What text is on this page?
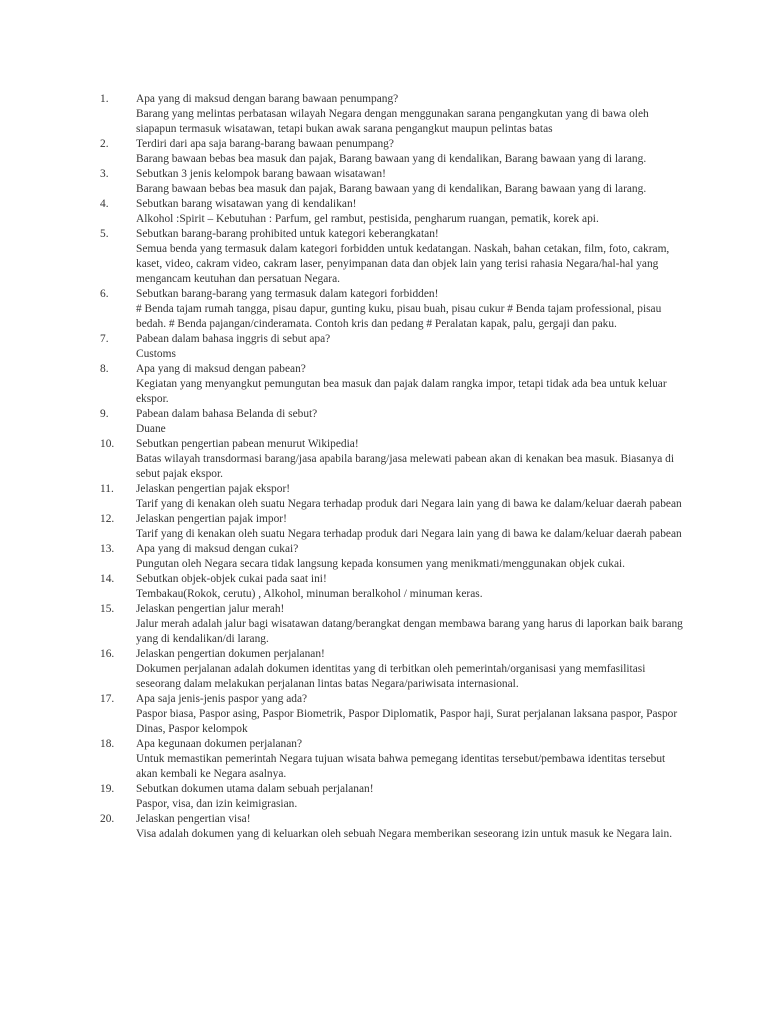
1.	Apa yang di maksud dengan barang bawaan penumpang?
Barang yang melintas perbatasan wilayah Negara dengan menggunakan sarana pengangkutan yang di bawa oleh siapapun termasuk wisatawan, tetapi bukan awak sarana pengangkut maupun pelintas batas
2.	Terdiri dari apa saja barang-barang bawaan penumpang?
Barang bawaan bebas bea masuk dan pajak, Barang bawaan yang di kendalikan, Barang bawaan yang di larang.
3.	Sebutkan 3 jenis kelompok barang bawaan wisatawan!
Barang bawaan bebas bea masuk dan pajak, Barang bawaan yang di kendalikan, Barang bawaan yang di larang.
4.	Sebutkan barang wisatawan yang di kendalikan!
Alkohol :Spirit – Kebutuhan : Parfum, gel rambut, pestisida, pengharum ruangan, pematik, korek api.
5.	Sebutkan barang-barang prohibited untuk kategori keberangkatan!
Semua benda yang termasuk dalam kategori forbidden untuk kedatangan. Naskah, bahan cetakan, film, foto, cakram, kaset, video, cakram video, cakram laser, penyimpanan data dan objek lain yang terisi rahasia Negara/hal-hal yang mengancam keutuhan dan persatuan Negara.
6.	Sebutkan barang-barang yang termasuk dalam kategori forbidden!
# Benda tajam rumah tangga, pisau dapur, gunting kuku, pisau buah, pisau cukur # Benda tajam professional, pisau bedah. # Benda pajangan/cinderamata. Contoh kris dan pedang # Peralatan kapak, palu, gergaji dan paku.
7.	Pabean dalam bahasa inggris di sebut apa?
Customs
8.	Apa yang di maksud dengan pabean?
Kegiatan yang menyangkut pemungutan bea masuk dan pajak dalam rangka impor, tetapi tidak ada bea untuk keluar ekspor.
9.	Pabean dalam bahasa Belanda di sebut?
Duane
10.	Sebutkan pengertian pabean menurut Wikipedia!
Batas wilayah transdormasi barang/jasa apabila barang/jasa melewati pabean akan di kenakan bea masuk. Biasanya di sebut pajak ekspor.
11.	Jelaskan pengertian pajak ekspor!
Tarif yang di kenakan oleh suatu Negara terhadap produk dari Negara lain yang di bawa ke dalam/keluar daerah pabean
12.	Jelaskan pengertian pajak impor!
Tarif yang di kenakan oleh suatu Negara terhadap produk dari Negara lain yang di bawa ke dalam/keluar daerah pabean
13.	Apa yang di maksud dengan cukai?
Pungutan oleh Negara secara tidak langsung kepada konsumen yang menikmati/menggunakan objek cukai.
14.	Sebutkan objek-objek cukai pada saat ini!
Tembakau(Rokok, cerutu) , Alkohol, minuman beralkohol / minuman keras.
15.	Jelaskan pengertian jalur merah!
Jalur merah adalah jalur bagi wisatawan datang/berangkat dengan membawa barang yang harus di laporkan baik barang yang di kendalikan/di larang.
16.	Jelaskan pengertian dokumen perjalanan!
Dokumen perjalanan adalah dokumen identitas yang di terbitkan oleh pemerintah/organisasi yang memfasilitasi seseorang dalam melakukan perjalanan lintas batas Negara/pariwisata internasional.
17.	Apa saja jenis-jenis paspor yang ada?
Paspor biasa, Paspor asing, Paspor Biometrik, Paspor Diplomatik, Paspor haji, Surat perjalanan laksana paspor, Paspor Dinas, Paspor kelompok
18.	Apa kegunaan dokumen perjalanan?
Untuk memastikan pemerintah Negara tujuan wisata bahwa pemegang identitas tersebut/pembawa identitas tersebut akan kembali ke Negara asalnya.
19.	Sebutkan dokumen utama dalam sebuah perjalanan!
Paspor, visa, dan izin keimigrasian.
20.	Jelaskan pengertian visa!
Visa adalah dokumen yang di keluarkan oleh sebuah Negara memberikan seseorang izin untuk masuk ke Negara lain.
